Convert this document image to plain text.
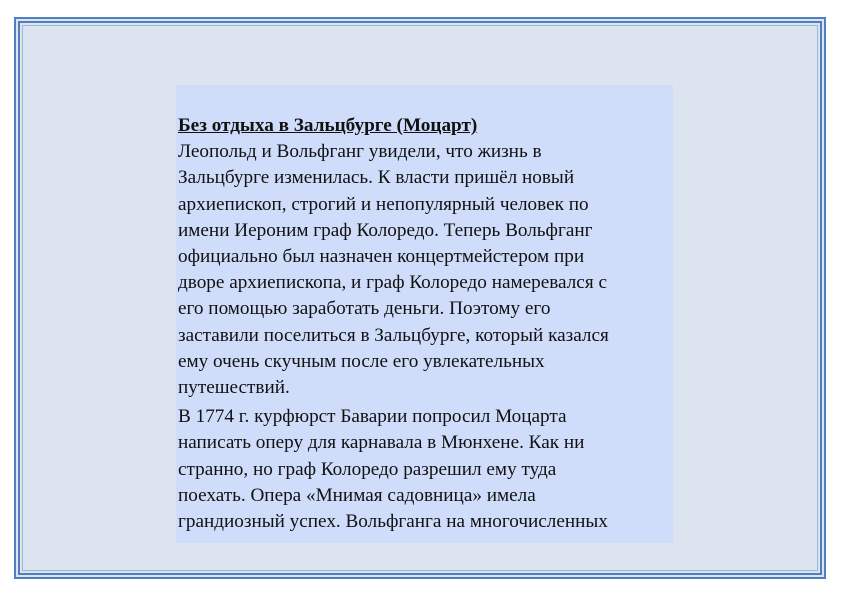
Без отдыха в Зальцбурге (Моцарт)

Леопольд и Вольфганг увидели, что жизнь в
Зальцбурге изменилась. К власти пришёл новый
архиепископ, строгий и непопулярный человек по
имени Иероним граф Колоредо. Теперь Вольфганг
официально был назначен концертмейстером при
дворе архиепископа, и граф Колоредо намеревался с
его помощью заработать деньги. Поэтому его
заставили поселиться в Зальцбурге, который казался
ему очень скучным после его увлекательных
путешествий.

В 1774 г. курфюрст Баварии попросил Моцарта
написать оперу для карнавала в Мюнхене. Как ни
странно, но граф Колоредо разрешил ему туда
поехать. Опера «Мнимая садовница» имела
грандиозный успех. Вольфганга на многочисленных
